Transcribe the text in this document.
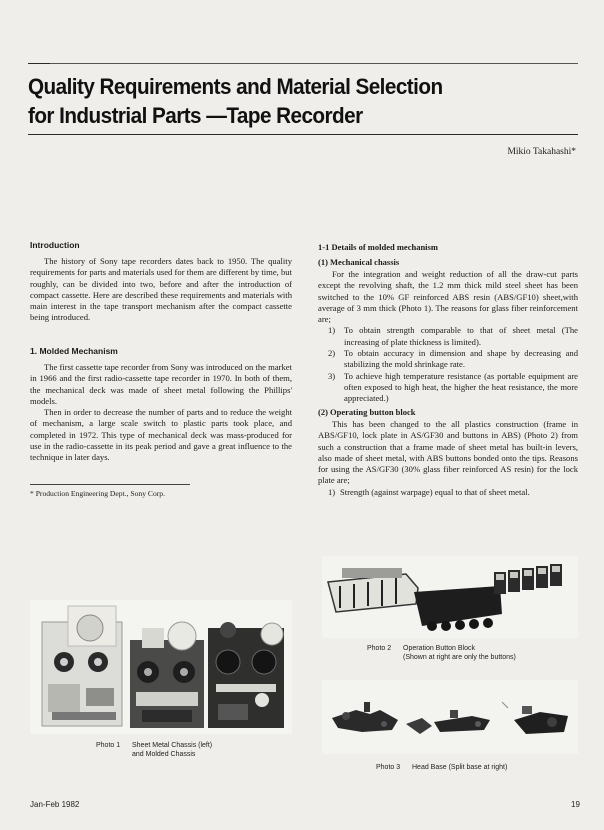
Quality Requirements and Material Selection
for Industrial Parts —Tape Recorder
Mikio Takahashi*
Introduction

The history of Sony tape recorders dates back to 1950. The quality requirements for parts and materials used for them are different by time, but roughly, can be divided into two, before and after the introduction of compact cassette. Here are described these requirements and materials with main interest in the tape transport mechanism after the compact cassette being introduced.

1. Molded Mechanism

The first cassette tape recorder from Sony was introduced on the market in 1966 and the first radio-cassette tape recorder in 1970. In both of them, the mechanical deck was made of sheet metal following the Phillips' models.

Then in order to decrease the number of parts and to reduce the weight of mechanism, a large scale switch to plastic parts took place, and completed in 1972. This type of mechanical deck was mass-produced for use in the radio-cassette in its peak period and gave a great influence to the technique in later days.

* Production Engineering Dept., Sony Corp.
1-1 Details of molded mechanism
(1) Mechanical chassis

For the integration and weight reduction of all the draw-cut parts except the revolving shaft, the 1.2 mm thick mild steel sheet has been switched to the 10% GF reinforced ABS resin (ABS/GF10) sheet,with average of 3 mm thick (Photo 1). The reasons for glass fiber reinforcement are;

1) To obtain strength comparable to that of sheet metal (The increasing of plate thickness is limited).
2) To obtain accuracy in dimension and shape by decreasing and stabilizing the mold shrinkage rate.
3) To achieve high temperature resistance (as portable equipment are often exposed to high heat, the higher the heat resistance, the more appreciated.)
(2) Operating button block

This has been changed to the all plastics construction (frame in ABS/GF10, lock plate in AS/GF30 and buttons in ABS) (Photo 2) from such a construction that a frame made of sheet metal has built-in levers, also made of sheet metal, with ABS buttons bonded onto the tips. Reasons for using the AS/GF30 (30% glass fiber reinforced AS resin) for the lock plate are;

1) Strength (against warpage) equal to that of sheet metal.
Photo 1 Sheet Metal Chassis (left)
and Molded Chassis
Photo 2 Operation Button Block
(Shown at right are only the buttons)
Photo 3 Head Base (Split base at right)
Jan-Feb 1982	19
